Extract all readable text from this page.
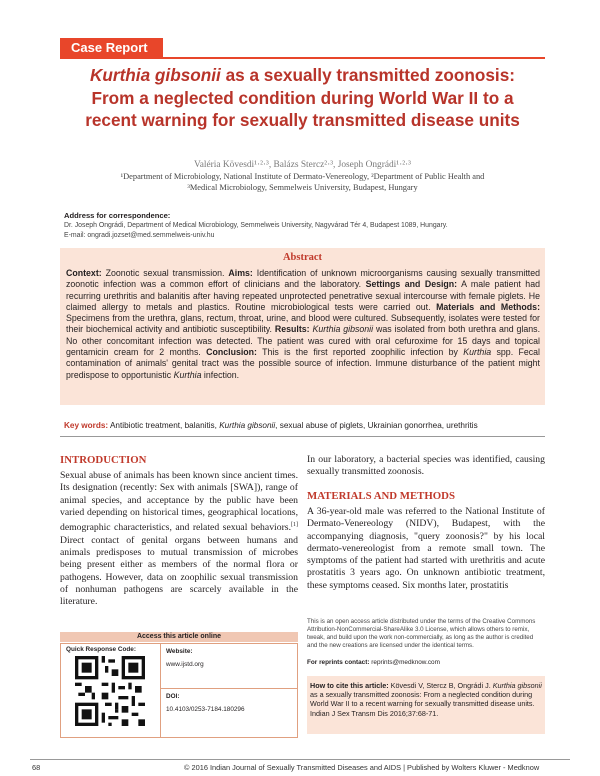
Case Report
Kurthia gibsonii as a sexually transmitted zoonosis:
From a neglected condition during World War II to a
recent warning for sexually transmitted disease units
Valéria Kövesdi¹·²·³, Balázs Stercz²·³, Joseph Ongrádi¹·²·³
¹Department of Microbiology, National Institute of Dermato-Venereology, ²Department of Public Health and
³Medical Microbiology, Semmelweis University, Budapest, Hungary
Address for correspondence:
Dr. Joseph Ongrádi, Department of Medical Microbiology, Semmelweis University, Nagyvárad Tér 4, Budapest 1089, Hungary.
E-mail: ongradi.jozset@med.semmelweis-univ.hu
Abstract
Context: Zoonotic sexual transmission. Aims: Identification of unknown microorganisms causing sexually transmitted zoonotic infection was a common effort of clinicians and the laboratory. Settings and Design: A male patient had recurring urethritis and balanitis after having repeated unprotected penetrative sexual intercourse with female piglets. He claimed allergy to metals and plastics. Routine microbiological tests were carried out. Materials and Methods: Specimens from the urethra, glans, rectum, throat, urine, and blood were cultured. Subsequently, isolates were tested for their biochemical activity and antibiotic susceptibility. Results: Kurthia gibsonii was isolated from both urethra and glans. No other concomitant infection was detected. The patient was cured with oral cefuroxime for 15 days and topical gentamicin cream for 2 months. Conclusion: This is the first reported zoophilic infection by Kurthia spp. Fecal contamination of animals' genital tract was the possible source of infection. Immune disturbance of the patient might predispose to opportunistic Kurthia infection.
Key words: Antibiotic treatment, balanitis, Kurthia gibsonii, sexual abuse of piglets, Ukrainian gonorrhea, urethritis
INTRODUCTION
Sexual abuse of animals has been known since ancient times. Its designation (recently: Sex with animals [SWA]), range of animal species, and acceptance by the public have been varied depending on historical times, geographical locations, demographic characteristics, and related sexual behaviors.[1] Direct contact of genital organs between humans and animals predisposes to mutual transmission of microbes being present either as members of the normal flora or pathogens. However, data on zoophilic sexual transmission of nonhuman pathogens are scarcely available in the literature.
In our laboratory, a bacterial species was identified, causing sexually transmitted zoonosis.
MATERIALS AND METHODS
A 36-year-old male was referred to the National Institute of Dermato-Venereology (NIDV), Budapest, with the accompanying diagnosis, "query zoonosis?" by his local dermato-venereologist from a remote small town. The symptoms of the patient had started with urethritis and acute prostatitis 3 years ago. On unknown antibiotic treatment, these symptoms ceased. Six months later, prostatitis
Access this article online
Quick Response Code:	Website:
www.ijstd.org
DOI:
10.4103/0253-7184.180296
This is an open access article distributed under the terms of the Creative Commons Attribution-NonCommercial-ShareAlike 3.0 License, which allows others to remix, tweak, and build upon the work non-commercially, as long as the author is credited and the new creations are licensed under the identical terms.
For reprints contact: reprints@medknow.com
How to cite this article: Kövesdi V, Stercz B, Ongrádi J. Kurthia gibsonii as a sexually transmitted zoonosis: From a neglected condition during World War II to a recent warning for sexually transmitted disease units. Indian J Sex Transm Dis 2016;37:68-71.
68	© 2016 Indian Journal of Sexually Transmitted Diseases and AIDS | Published by Wolters Kluwer - Medknow
